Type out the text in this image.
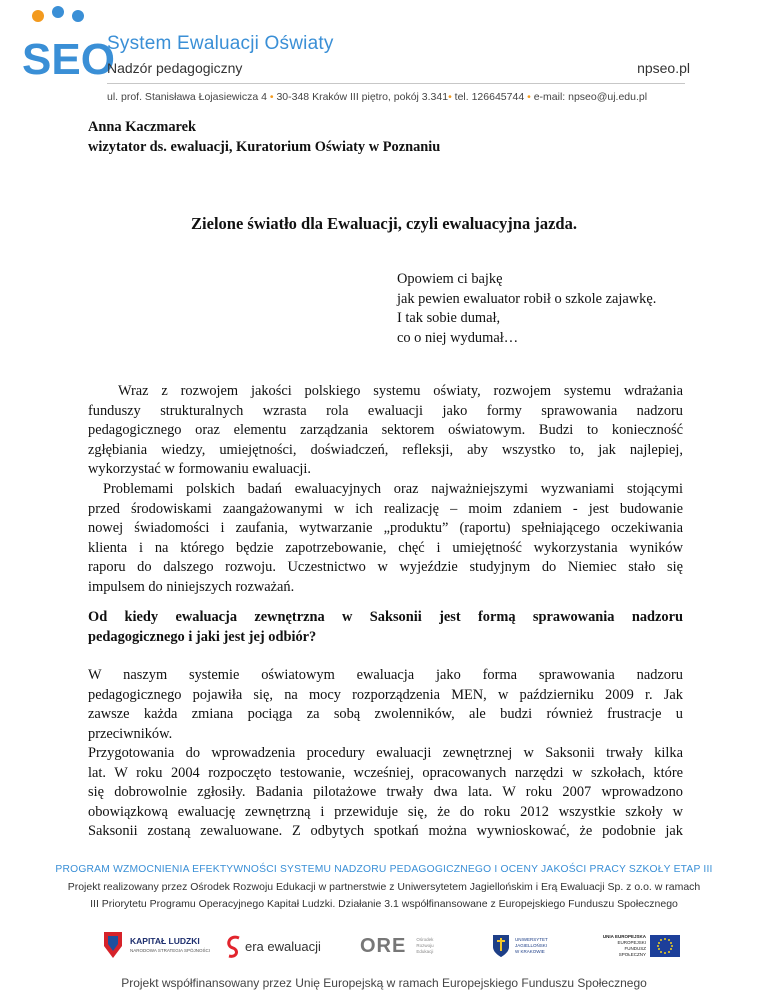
SEO
System Ewaluacji Oświaty
Nadzór pedagogiczny	npseo.pl
ul. prof. Stanisława Łojasiewicza 4 • 30-348 Kraków III piętro, pokój 3.341• tel. 126645744 • e-mail: npseo@uj.edu.pl
Anna Kaczmarek
wizytator ds. ewaluacji, Kuratorium Oświaty w Poznaniu
Zielone światło dla Ewaluacji, czyli ewaluacyjna jazda.
Opowiem ci bajkę
jak pewien ewaluator robił o szkole zajawkę.
I tak sobie dumał,
co o niej wydumał…
Wraz z rozwojem jakości polskiego systemu oświaty, rozwojem systemu wdrażania
funduszy strukturalnych wzrasta rola ewaluacji jako formy sprawowania nadzoru
pedagogicznego oraz elementu zarządzania sektorem oświatowym. Budzi to konieczność
zgłębiania wiedzy, umiejętności, doświadczeń, refleksji, aby wszystko to, jak najlepiej,
wykorzystać w formowaniu ewaluacji.
Problemami polskich badań ewaluacyjnych oraz najważniejszymi wyzwaniami stojącymi
przed środowiskami zaangażowanymi w ich realizację – moim zdaniem - jest budowanie
nowej świadomości i zaufania, wytwarzanie „produktu” (raportu) spełniającego oczekiwania
klienta i na którego będzie zapotrzebowanie, chęć i umiejętność wykorzystania wyników
raporu do dalszego rozwoju. Uczestnictwo w wyjeździe studyjnym do Niemiec stało się
impulsem do niniejszych rozważań.
Od kiedy ewaluacja zewnętrzna w Saksonii jest formą sprawowania nadzoru
pedagogicznego i jaki jest jej odbiór?
W naszym systemie oświatowym ewaluacja jako forma sprawowania nadzoru
pedagogicznego pojawiła się, na mocy rozporządzenia MEN, w październiku 2009 r. Jak
zawsze każda zmiana pociąga za sobą zwolenników, ale budzi również frustracje u
przeciwników.
Przygotowania do wprowadzenia procedury ewaluacji zewnętrznej w Saksonii trwały kilka
lat. W roku 2004 rozpoczęto testowanie, wcześniej, opracowanych narzędzi w szkołach, które
się dobrowolnie zgłosiły. Badania pilotażowe trwały dwa lata. W roku 2007 wprowadzono
obowiązkową ewaluację zewnętrzną i przewiduje się, że do roku 2012 wszystkie szkoły w
Saksonii zostaną zewaluowane. Z odbytych spotkań można wywnioskować, że podobnie jak
PROGRAM WZMOCNIENIA EFEKTYWNOŚCI SYSTEMU NADZORU PEDAGOGICZNEGO I OCENY JAKOŚCI PRACY SZKOŁY ETAP III
Projekt realizowany przez Ośrodek Rozwoju Edukacji w partnerstwie z Uniwersytetem Jagiellońskim i Erą Ewaluacji Sp. z o.o. w ramach
III Priorytetu Programu Operacyjnego Kapitał Ludzki. Działanie 3.1 współfinansowane z Europejskiego Funduszu Społecznego
KAPITAŁ LUDZKI
NARODOWA STRATEGIA SPÓJNOŚCI	era ewaluacji ORE Ośrodek
Rozwoju
Edukacji
UNIWERSYTET
JAGIELLOŃSKI
W KRAKOWIE
UNIA EUROPEJSKA
EUROPEJSKI
FUNDUSZ SPOŁECZNY
Projekt współfinansowany przez Unię Europejską w ramach Europejskiego Funduszu Społecznego
